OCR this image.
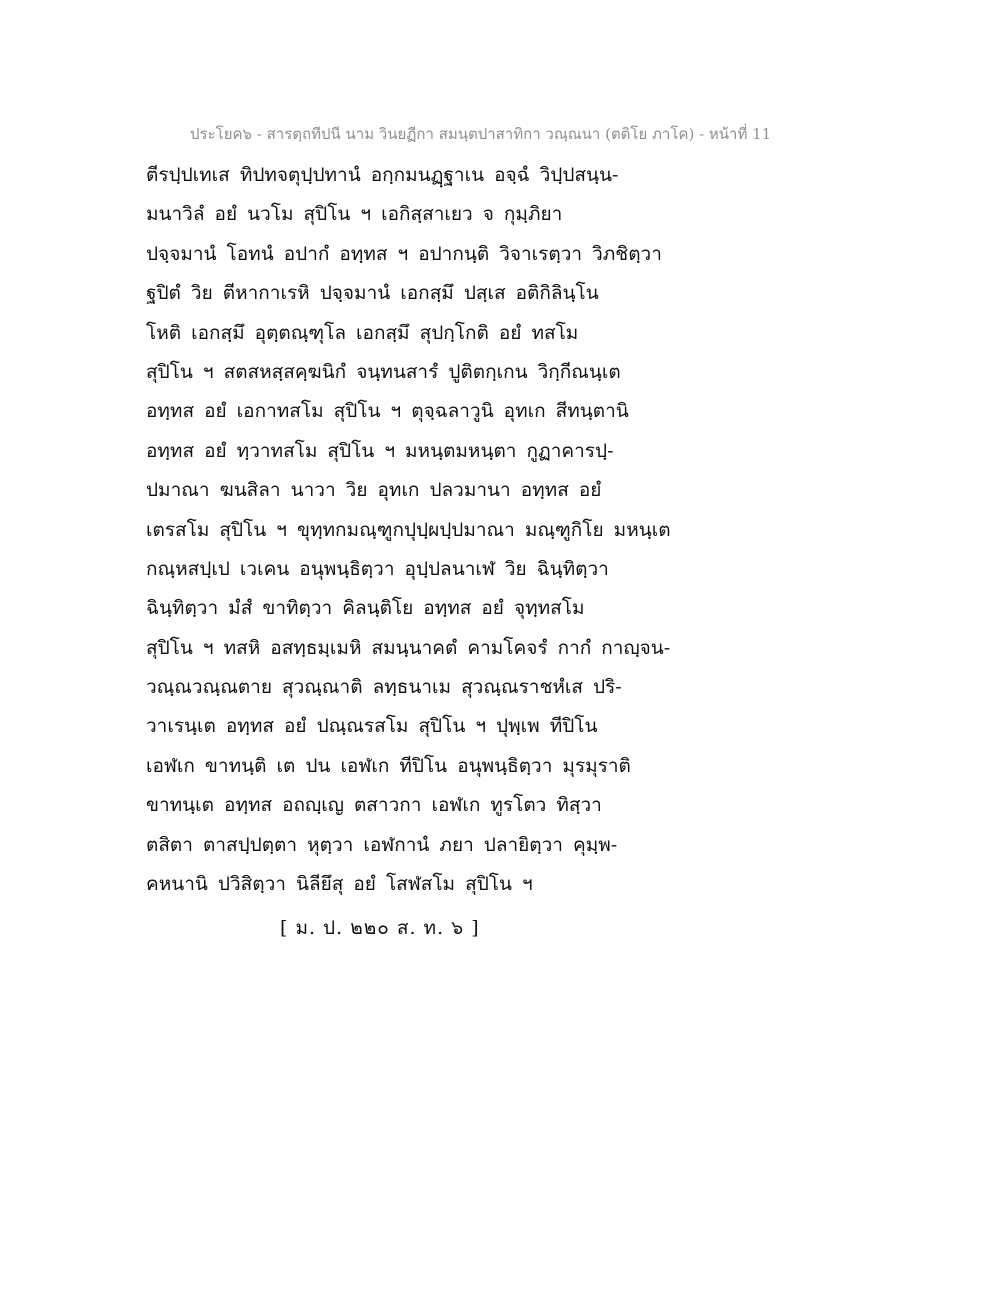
ประโยค๖ - สารตฺถทีปนี นาม วินยฏีกา สมนฺตปาสาทิกา วณฺณนา (ตติโย ภาโค) - หน้าที่ 11
ตีรปฺปเทเส ทิปทจตุปฺปทานํ อกฺกมนฏฺฐาเน อจฺฉํ วิปฺปสนฺน-
มนาวิลํ อยํ นวโม สุปิโน ฯ เอกิสฺสาเยว จ กุมฺภิยา
ปจฺจมานํ โอทนํ อปากํ อทฺทส ฯ อปากนฺติ วิจาเรตฺวา วิภชิตฺวา
ฐปิตํ วิย ตีหากาเรหิ ปจฺจมานํ เอกสฺมึ ปสฺเส อติกิลินฺโน
โหติ เอกสฺมึ อุตฺตณฺฑุโล เอกสฺมึ สุปกฺโกติ อยํ ทสโม
สุปิโน ฯ สตสหสฺสคฺฆนิกํ จนฺทนสารํ ปูติตกฺเกน วิกฺกีณนฺเต
อทฺทส อยํ เอกาทสโม สุปิโน ฯ ตุจฺฉลาวูนิ อุทเก สีทนฺตานิ
อทฺทส อยํ ทฺวาทสโม สุปิโน ฯ มหนฺตมหนฺตา กูฏาคารปฺ-
ปมาณา ฆนสิลา นาวา วิย อุทเก ปลวมานา อทฺทส อยํ
เตรสโม สุปิโน ฯ ขุทฺทกมณฺฑูกปุปฺผปฺปมาณา มณฺฑูกิโย มหนฺเต
กณฺหสปฺเป เวเคน อนุพนฺธิตฺวา อุปฺปลนาเฬ วิย ฉินฺทิตฺวา
ฉินฺทิตฺวา มํสํ ขาทิตฺวา คิลนฺติโย อทฺทส อยํ จุทฺทสโม
สุปิโน ฯ ทสหิ อสทฺธมฺเมหิ สมนฺนาคตํ คามโคจรํ กากํ กาญฺจน-
วณฺณวณฺณตาย สุวณฺณาติ ลทฺธนาเม สุวณฺณราชหํเส ปริ-
วาเรนฺเต อทฺทส อยํ ปณฺณรสโม สุปิโน ฯ ปุพฺเพ ทีปิโน
เอฬเก ขาทนฺติ เต ปน เอฬเก ทีปิโน อนุพนฺธิตฺวา มุรมุราติ
ขาทนฺเต อทฺทส อถญฺเญ ตสาวกา เอฬเก ทูรโตว ทิสฺวา
ตสิตา ตาสปฺปตฺตา หุตฺวา เอฬกานํ ภยา ปลายิตฺวา คุมฺพ-
คหนานิ ปวิสิตฺวา นิลียึสุ อยํ โสฬสโม สุปิโน ฯ
[ ม. ป. ๒๒๐ ส. ท. ๖ ]
